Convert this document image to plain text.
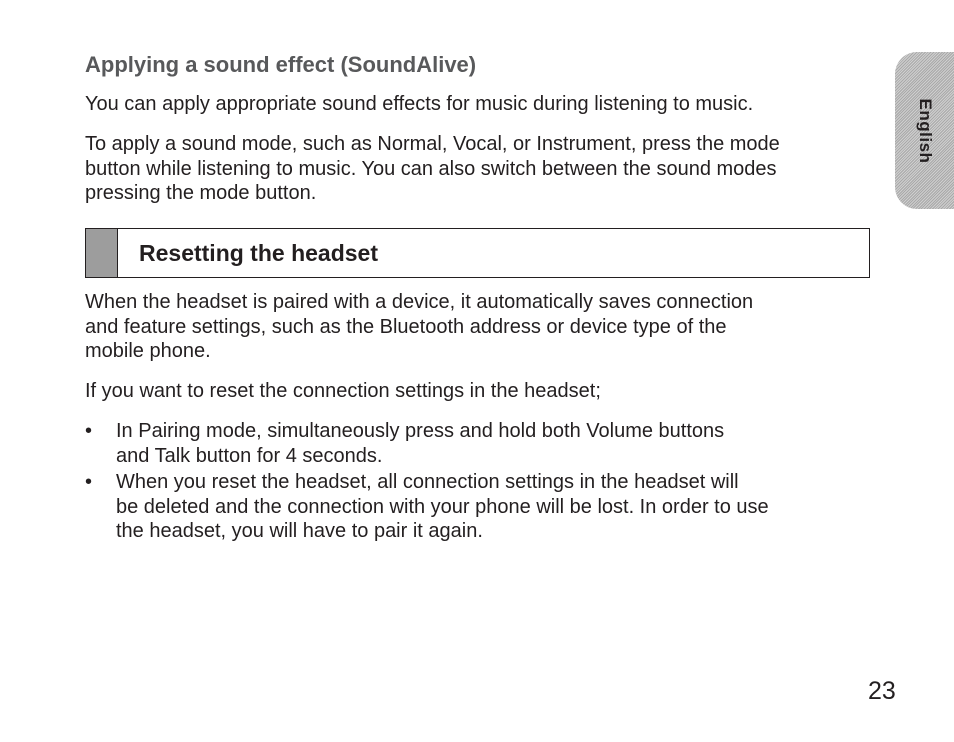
Applying a sound effect (SoundAlive)

You can apply appropriate sound effects for music during listening to music.

To apply a sound mode, such as Normal, Vocal, or Instrument, press the mode
button while listening to music. You can also switch between the sound modes
pressing the mode button.

Resetting the headset

When the headset is paired with a device, it automatically saves connection
and feature settings, such as the Bluetooth address or device type of the
mobile phone.

If you want to reset the connection settings in the headset;

• In Pairing mode, simultaneously press and hold both Volume buttons
and Talk button for 4 seconds.
• When you reset the headset, all connection settings in the headset will
be deleted and the connection with your phone will be lost. In order to use
the headset, you will have to pair it again.
English
23
